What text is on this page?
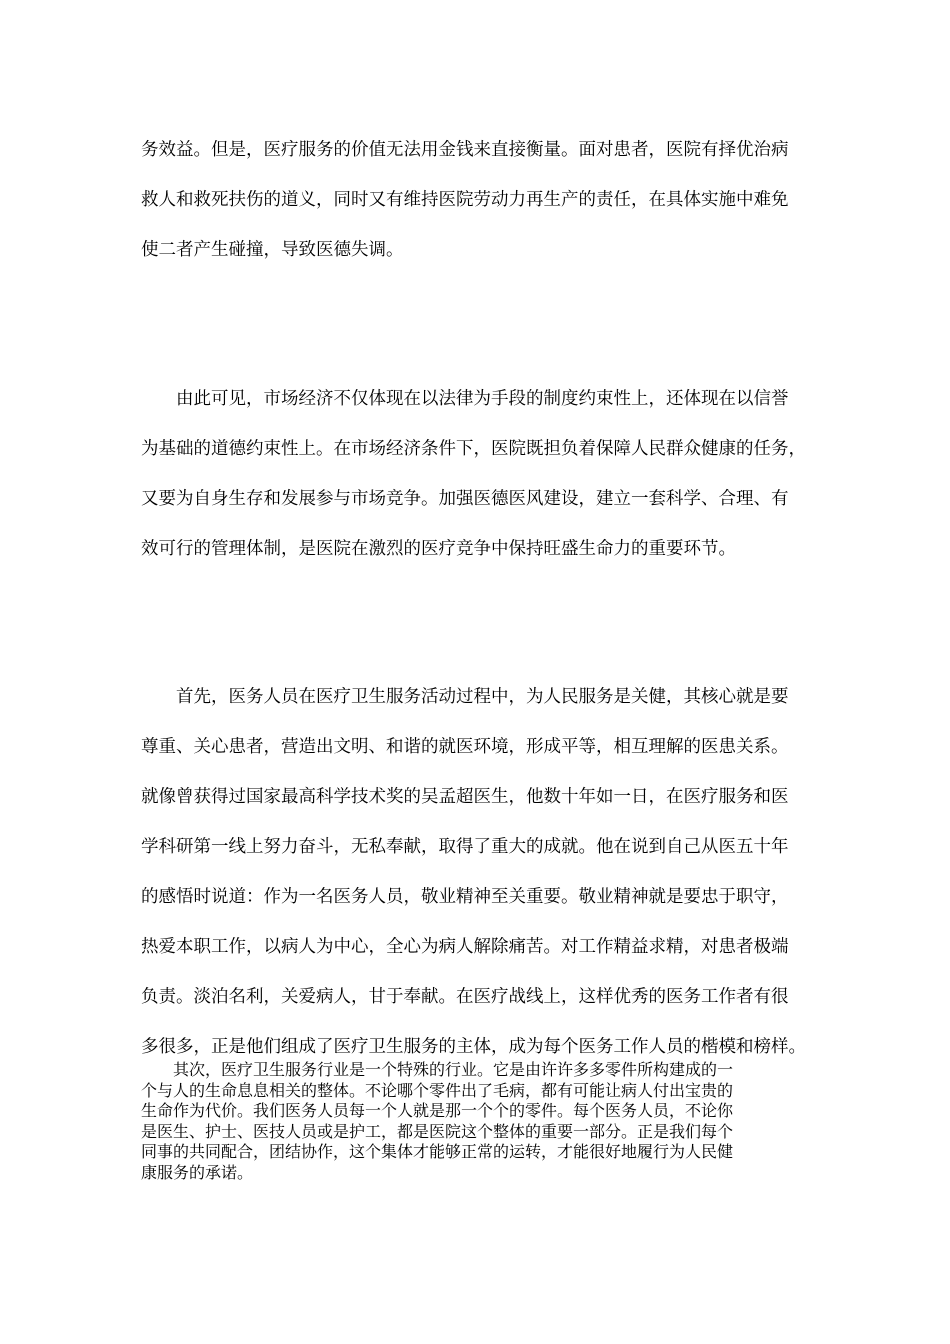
务效益。但是，医疗服务的价值无法用金钱来直接衡量。面对患者，医院有择优治病
救人和救死扶伤的道义，同时又有维持医院劳动力再生产的责任，在具体实施中难免
使二者产生碰撞，导致医德失调。
由此可见，市场经济不仅体现在以法律为手段的制度约束性上，还体现在以信誉
为基础的道德约束性上。在市场经济条件下，医院既担负着保障人民群众健康的任务，
又要为自身生存和发展参与市场竞争。加强医德医风建设，建立一套科学、合理、有
效可行的管理体制，是医院在激烈的医疗竞争中保持旺盛生命力的重要环节。
首先，医务人员在医疗卫生服务活动过程中，为人民服务是关健，其核心就是要
尊重、关心患者，营造出文明、和谐的就医环境，形成平等，相互理解的医患关系。
就像曾获得过国家最高科学技术奖的吴孟超医生，他数十年如一日，在医疗服务和医
学科研第一线上努力奋斗，无私奉献，取得了重大的成就。他在说到自己从医五十年
的感悟时说道：作为一名医务人员，敬业精神至关重要。敬业精神就是要忠于职守，
热爱本职工作，以病人为中心，全心为病人解除痛苦。对工作精益求精，对患者极端
负责。淡泊名利，关爱病人，甘于奉献。在医疗战线上，这样优秀的医务工作者有很
多很多，正是他们组成了医疗卫生服务的主体，成为每个医务工作人员的楷模和榜样。
其次，医疗卫生服务行业是一个特殊的行业。它是由许许多多零件所构建成的一
个与人的生命息息相关的整体。不论哪个零件出了毛病，都有可能让病人付出宝贵的
生命作为代价。我们医务人员每一个人就是那一个个的零件。每个医务人员，不论你
是医生、护士、医技人员或是护工，都是医院这个整体的重要一部分。正是我们每个
同事的共同配合，团结协作，这个集体才能够正常的运转，才能很好地履行为人民健
康服务的承诺。
